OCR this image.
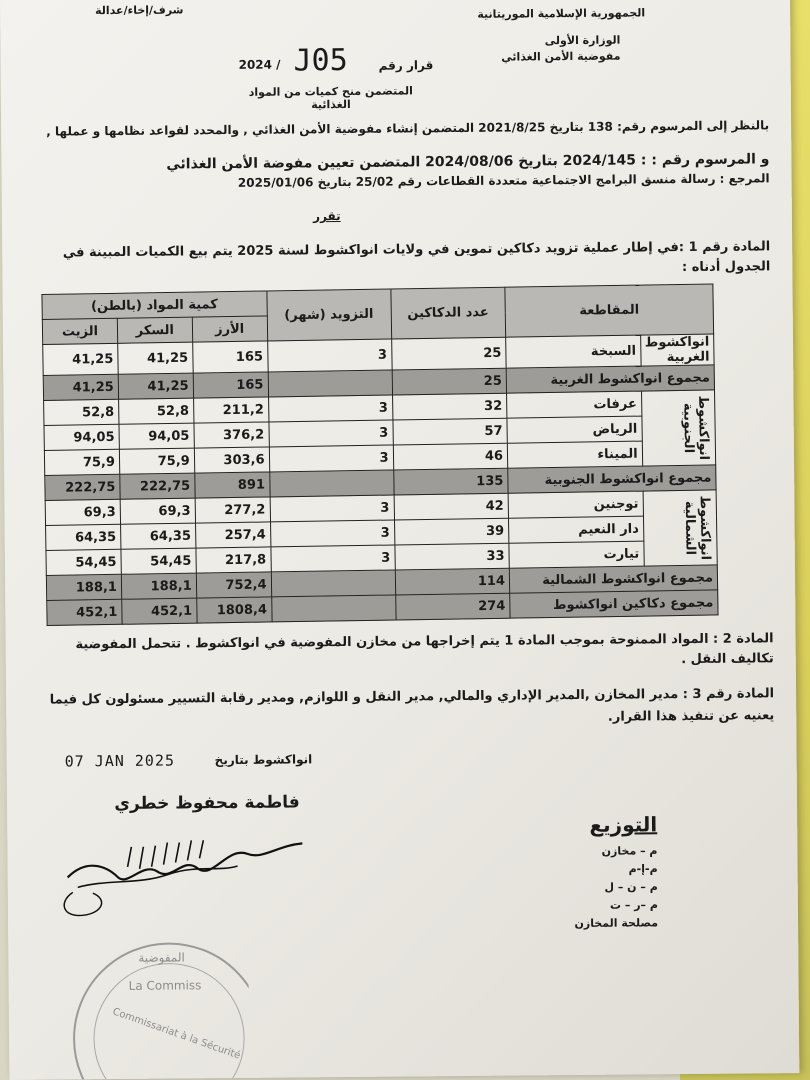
شرف/إخاء/عدالة	الجمهورية الإسلامية الموريتانية
الوزارة الأولى
مفوضية الأمن الغذائي
2024 / J05	قرار رقم
المتضمن منح كميات من المواد الغذائية
بالنظر إلى المرسوم رقم: 138 بتاريخ 2021/8/25 المتضمن إنشاء مفوضية الأمن الغذائي , والمحدد لقواعد نظامها و عملها ,
و المرسوم رقم : : 2024/145 بتاريخ 2024/08/06 المتضمن تعيين مفوضة الأمن الغذائي
المرجع : رسالة منسق البرامج الاجتماعية متعددة القطاعات رقم 25/02 بتاريخ 2025/01/06
تقرر
المادة رقم 1 :في إطار عملية تزويد دكاكين تموين في ولايات انواكشوط لسنة 2025 يتم بيع الكميات المبينة في الجدول أدناه :
المقاطعة		عدد الدكاكين	التزويد (شهر)	كمية المواد (بالطن)		
				الأرز	السكر	الزيت
انواكشوط الغربية	السبخة	25	3	165	41,25	41,25
مجموع انواكشوط الغربية		25		165	41,25	41,25

انواكشوط الجنوبية	عرفات	32	3	211,2	52,8	52,8
	الرياض	57	3	376,2	94,05	94,05
	الميناء	46	3	303,6	75,9	75,9
مجموع انواكشوط الجنوبية		135		891	222,75	222,75

انواكشوط الشمالية	توجنين	42	3	277,2	69,3	69,3
	دار النعيم	39	3	257,4	64,35	64,35
	تيارت	33	3	217,8	54,45	54,45
مجموع انواكشوط الشمالية		114		752,4	188,1	188,1
مجموع دكاكين انواكشوط		274		1808,4	452,1	452,1
المادة 2 : المواد الممنوحة بموجب المادة 1 يتم إخراجها من مخازن المفوضية في انواكشوط . تتحمل المفوضية تكاليف النقل .
المادة رقم 3 : مدير المخازن ,المدير الإداري والمالي, مدير النقل و اللوازم, ومدير رقابة التسيير مسئولون كل فيما يعنيه عن تنفيذ هذا القرار.
07 JAN 2025	انواكشوط بتاريخ
فاطمة محفوظ خطري
المفوضية
La Commiss
Commissariat à la Sécurité
التوزيع
م – مخازن
م-إ-م
م – ن – ل
م –ر – ت
مصلحة المخازن
